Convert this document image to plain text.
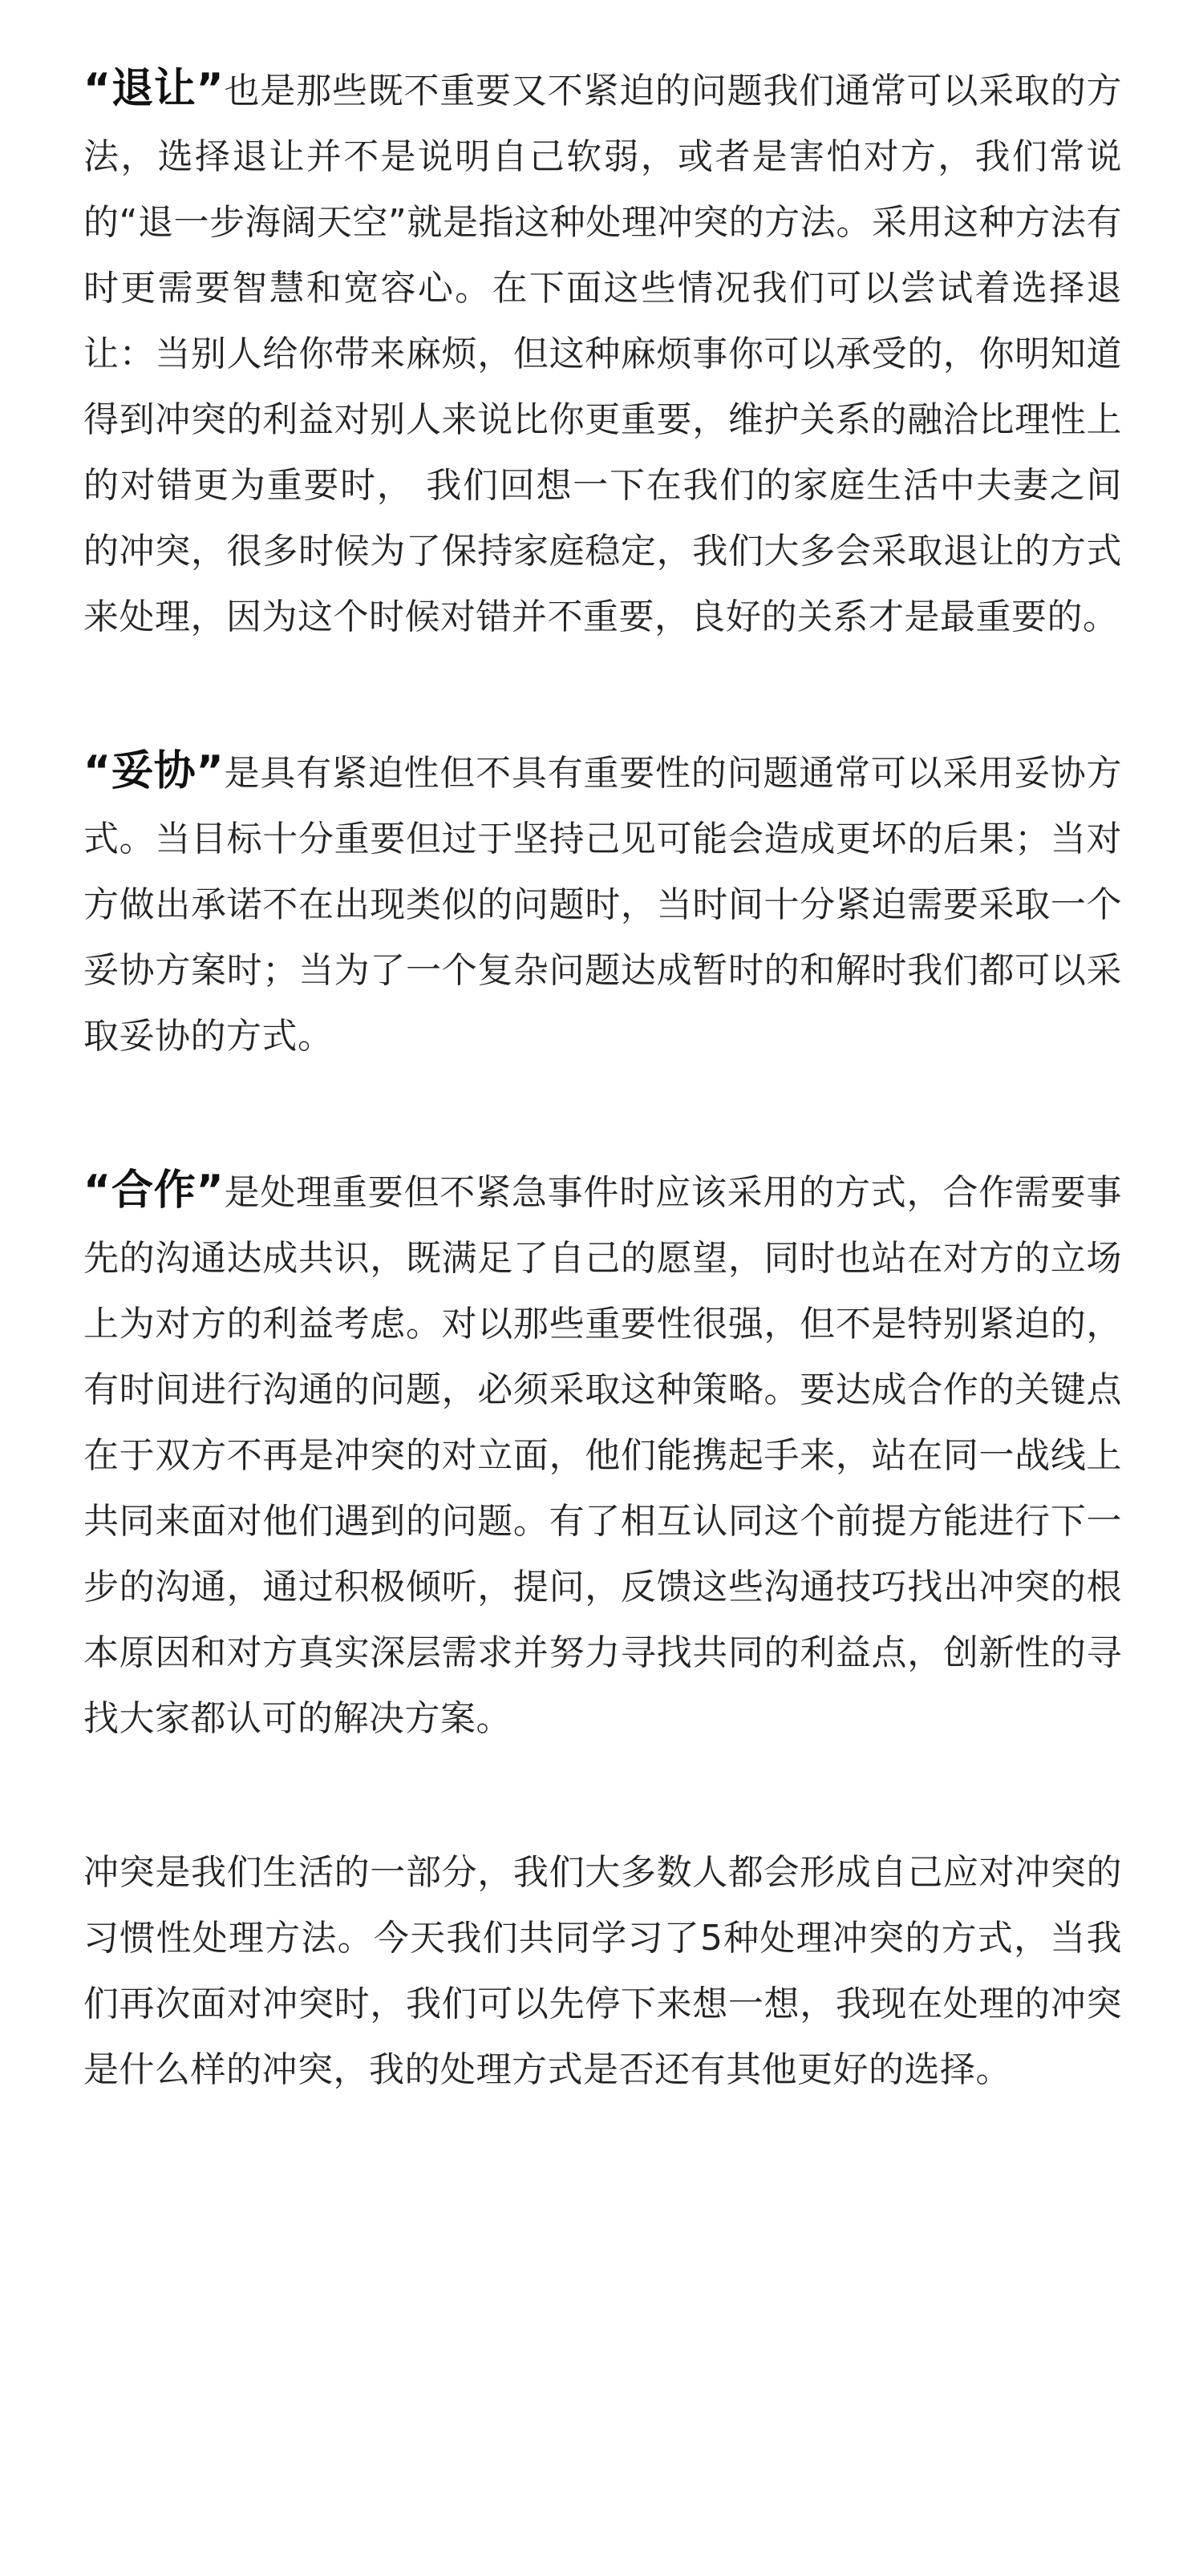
“退让”也是那些既不重要又不紧迫的问题我们通常可以采取的方法，选择退让并不是说明自己软弱，或者是害怕对方，我们常说的“退一步海阔天空”就是指这种处理冲突的方法。采用这种方法有时更需要智慧和宽容心。在下面这些情况我们可以尝试着选择退让：当别人给你带来麻烦，但这种麻烦事你可以承受的，你明知道得到冲突的利益对别人来说比你更重要，维护关系的融洽比理性上的对错更为重要时， 我们回想一下在我们的家庭生活中夫妻之间的冲突，很多时候为了保持家庭稳定，我们大多会采取退让的方式来处理，因为这个时候对错并不重要，良好的关系才是最重要的。

“妥协”是具有紧迫性但不具有重要性的问题通常可以采用妥协方式。当目标十分重要但过于坚持己见可能会造成更坏的后果；当对方做出承诺不在出现类似的问题时，当时间十分紧迫需要采取一个妥协方案时；当为了一个复杂问题达成暂时的和解时我们都可以采取妥协的方式。

“合作”是处理重要但不紧急事件时应该采用的方式，合作需要事先的沟通达成共识，既满足了自己的愿望，同时也站在对方的立场上为对方的利益考虑。对以那些重要性很强，但不是特别紧迫的，有时间进行沟通的问题，必须采取这种策略。要达成合作的关键点在于双方不再是冲突的对立面，他们能携起手来，站在同一战线上共同来面对他们遇到的问题。有了相互认同这个前提方能进行下一步的沟通，通过积极倾听，提问，反馈这些沟通技巧找出冲突的根本原因和对方真实深层需求并努力寻找共同的利益点，创新性的寻找大家都认可的解决方案。

冲突是我们生活的一部分，我们大多数人都会形成自己应对冲突的习惯性处理方法。今天我们共同学习了5种处理冲突的方式，当我们再次面对冲突时，我们可以先停下来想一想，我现在处理的冲突是什么样的冲突，我的处理方式是否还有其他更好的选择。
